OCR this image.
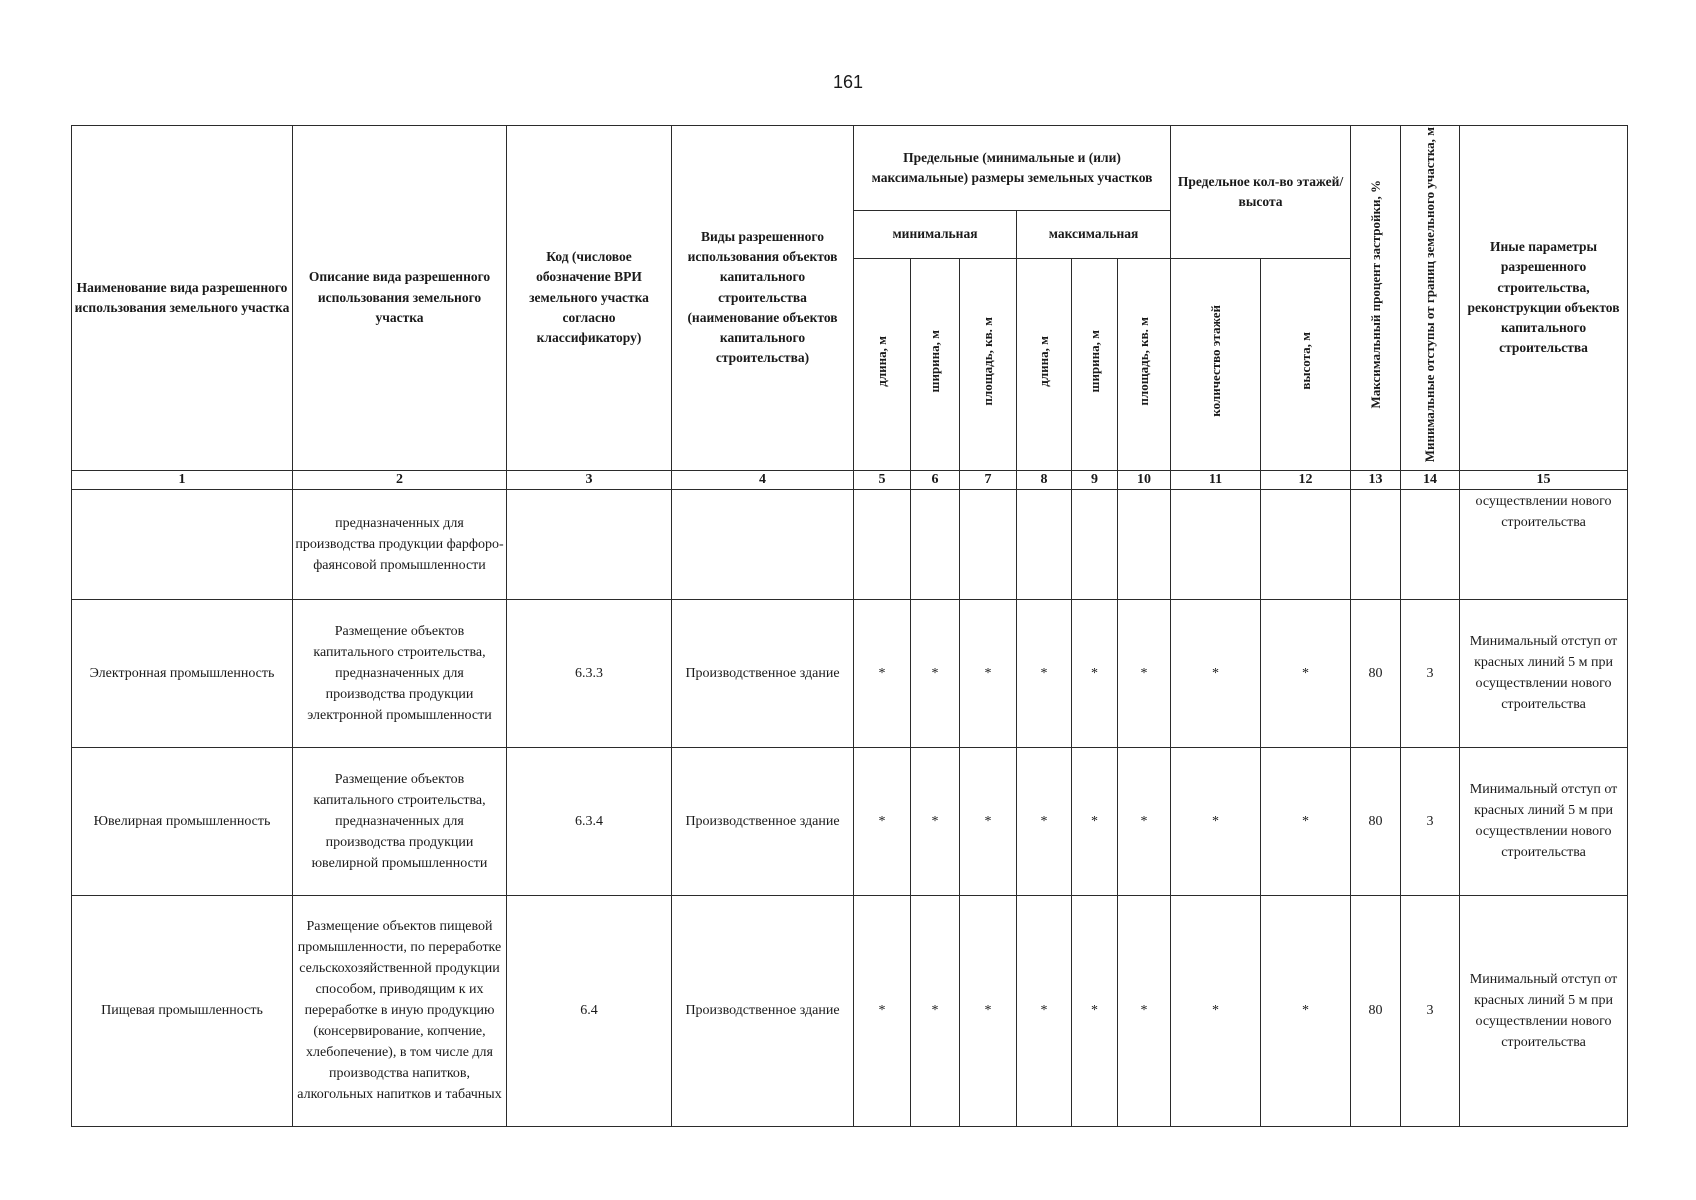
161
Наименование вида разрешенного использования земельного участка	Описание вида разрешенного использования земельного участка	Код (числовое обозначение ВРИ земельного участка согласно классификатору)	Виды разрешенного использования объектов капитального строительства (наименование объектов капитального строительства)	Предельные (минимальные и (или) максимальные) размеры земельных участков						Предельное кол-во этажей/высота		Максимальный процент застройки, %	Минимальные отступы от границ земельного участка, м	Иные параметры разрешенного строительства, реконструкции объектов капитального строительства
				минимальная			максимальная							
				длина, м	ширина, м	площадь, кв. м	длина, м	ширина, м	площадь, кв. м	количество этажей	высота, м			
1	2	3	4	5	6	7	8	9	10	11	12	13	14	15
	предназначенных для производства продукции фарфоро-фаянсовой промышленности													осуществлении нового строительства
Электронная промышленность	Размещение объектов капитального строительства, предназначенных для производства продукции электронной промышленности	6.3.3	Производственное здание	*	*	*	*	*	*	*	*	80	3	Минимальный отступ от красных линий 5 м при осуществлении нового строительства
Ювелирная промышленность	Размещение объектов капитального строительства, предназначенных для производства продукции ювелирной промышленности	6.3.4	Производственное здание	*	*	*	*	*	*	*	*	80	3	Минимальный отступ от красных линий 5 м при осуществлении нового строительства
Пищевая промышленность	Размещение объектов пищевой промышленности, по переработке сельскохозяйственной продукции способом, приводящим к их переработке в иную продукцию (консервирование, копчение, хлебопечение), в том числе для производства напитков, алкогольных напитков и табачных	6.4	Производственное здание	*	*	*	*	*	*	*	*	80	3	Минимальный отступ от красных линий 5 м при осуществлении нового строительства
